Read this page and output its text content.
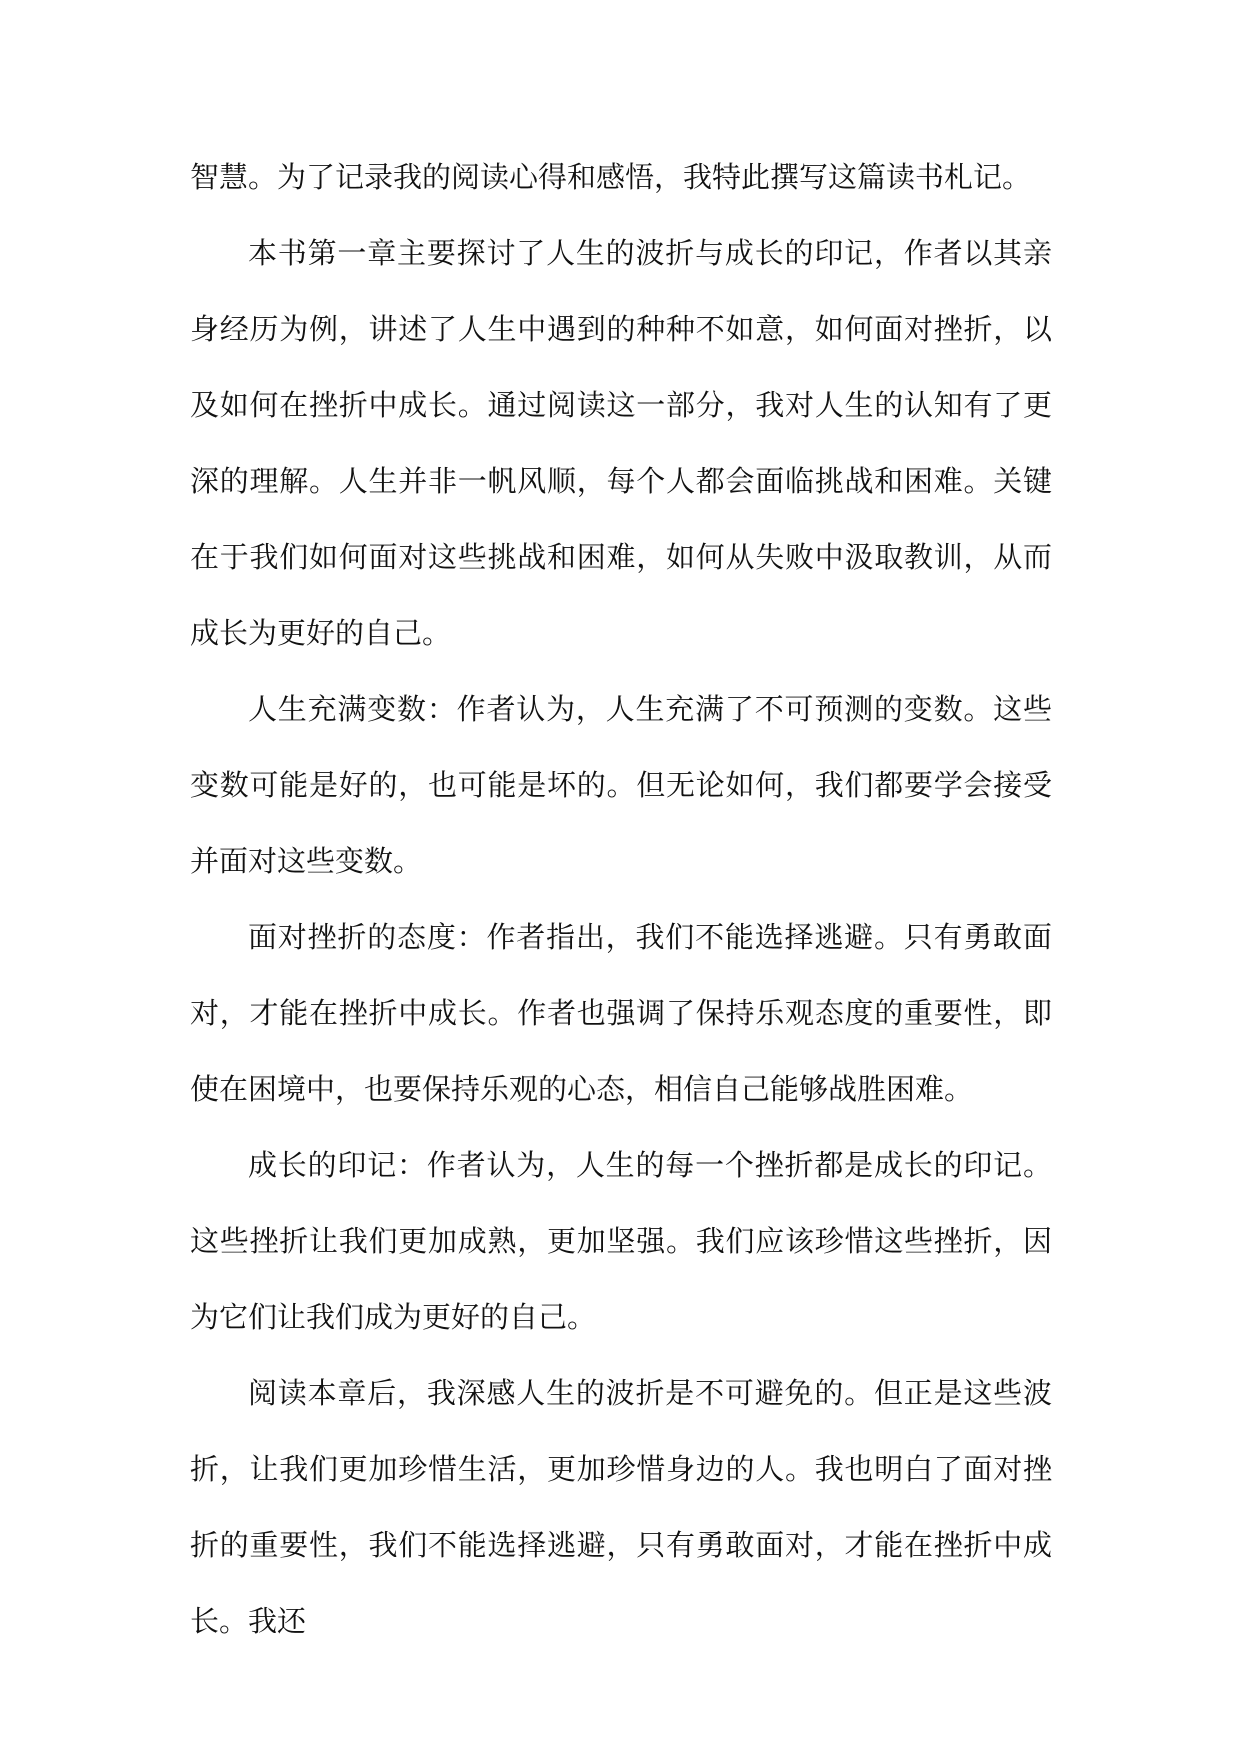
智慧。为了记录我的阅读心得和感悟，我特此撰写这篇读书札记。

本书第一章主要探讨了人生的波折与成长的印记，作者以其亲身经历为例，讲述了人生中遇到的种种不如意，如何面对挫折，以及如何在挫折中成长。通过阅读这一部分，我对人生的认知有了更深的理解。人生并非一帆风顺，每个人都会面临挑战和困难。关键在于我们如何面对这些挑战和困难，如何从失败中汲取教训，从而成长为更好的自己。

人生充满变数：作者认为，人生充满了不可预测的变数。这些变数可能是好的，也可能是坏的。但无论如何，我们都要学会接受并面对这些变数。

面对挫折的态度：作者指出，我们不能选择逃避。只有勇敢面对，才能在挫折中成长。作者也强调了保持乐观态度的重要性，即使在困境中，也要保持乐观的心态，相信自己能够战胜困难。

成长的印记：作者认为，人生的每一个挫折都是成长的印记。这些挫折让我们更加成熟，更加坚强。我们应该珍惜这些挫折，因为它们让我们成为更好的自己。

阅读本章后，我深感人生的波折是不可避免的。但正是这些波折，让我们更加珍惜生活，更加珍惜身边的人。我也明白了面对挫折的重要性，我们不能选择逃避，只有勇敢面对，才能在挫折中成长。我还
